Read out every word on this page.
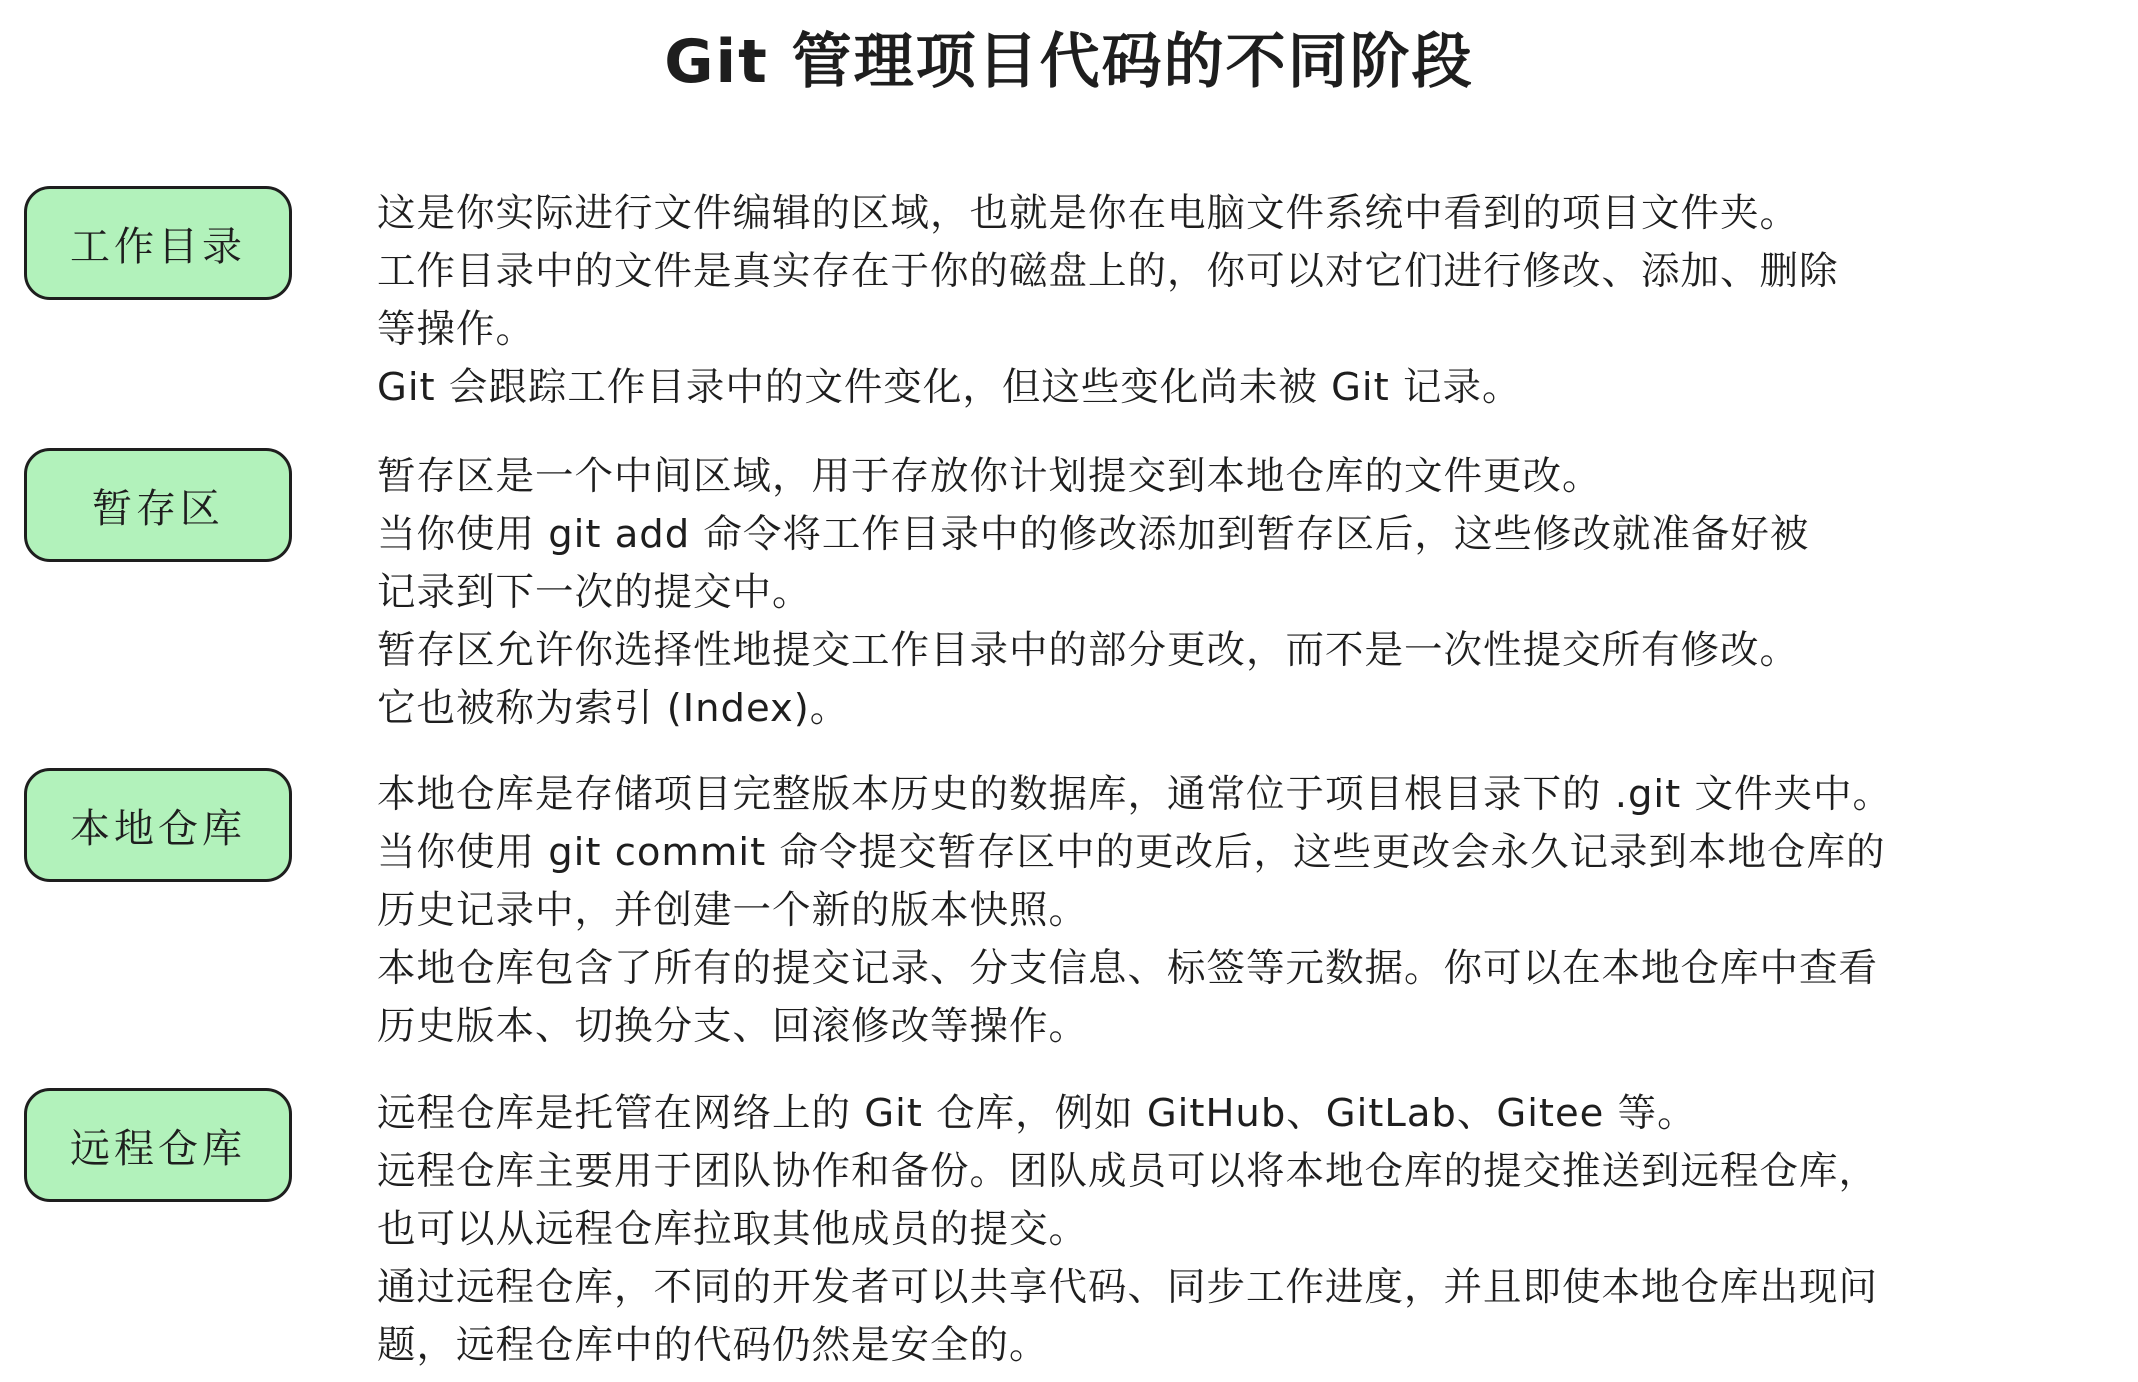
Git 管理项目代码的不同阶段
工作目录
这是你实际进行文件编辑的区域，也就是你在电脑文件系统中看到的项目文件夹。
工作目录中的文件是真实存在于你的磁盘上的，你可以对它们进行修改、添加、删除
等操作。
Git 会跟踪工作目录中的文件变化，但这些变化尚未被 Git 记录。
暂存区
暂存区是一个中间区域，用于存放你计划提交到本地仓库的文件更改。
当你使用 git add 命令将工作目录中的修改添加到暂存区后，这些修改就准备好被
记录到下一次的提交中。
暂存区允许你选择性地提交工作目录中的部分更改，而不是一次性提交所有修改。
它也被称为索引 (Index)。
本地仓库
本地仓库是存储项目完整版本历史的数据库，通常位于项目根目录下的 .git 文件夹中。
当你使用 git commit 命令提交暂存区中的更改后，这些更改会永久记录到本地仓库的
历史记录中，并创建一个新的版本快照。
本地仓库包含了所有的提交记录、分支信息、标签等元数据。你可以在本地仓库中查看
历史版本、切换分支、回滚修改等操作。
远程仓库
远程仓库是托管在网络上的 Git 仓库，例如 GitHub、GitLab、Gitee 等。
远程仓库主要用于团队协作和备份。团队成员可以将本地仓库的提交推送到远程仓库，
也可以从远程仓库拉取其他成员的提交。
通过远程仓库，不同的开发者可以共享代码、同步工作进度，并且即使本地仓库出现问
题，远程仓库中的代码仍然是安全的。
